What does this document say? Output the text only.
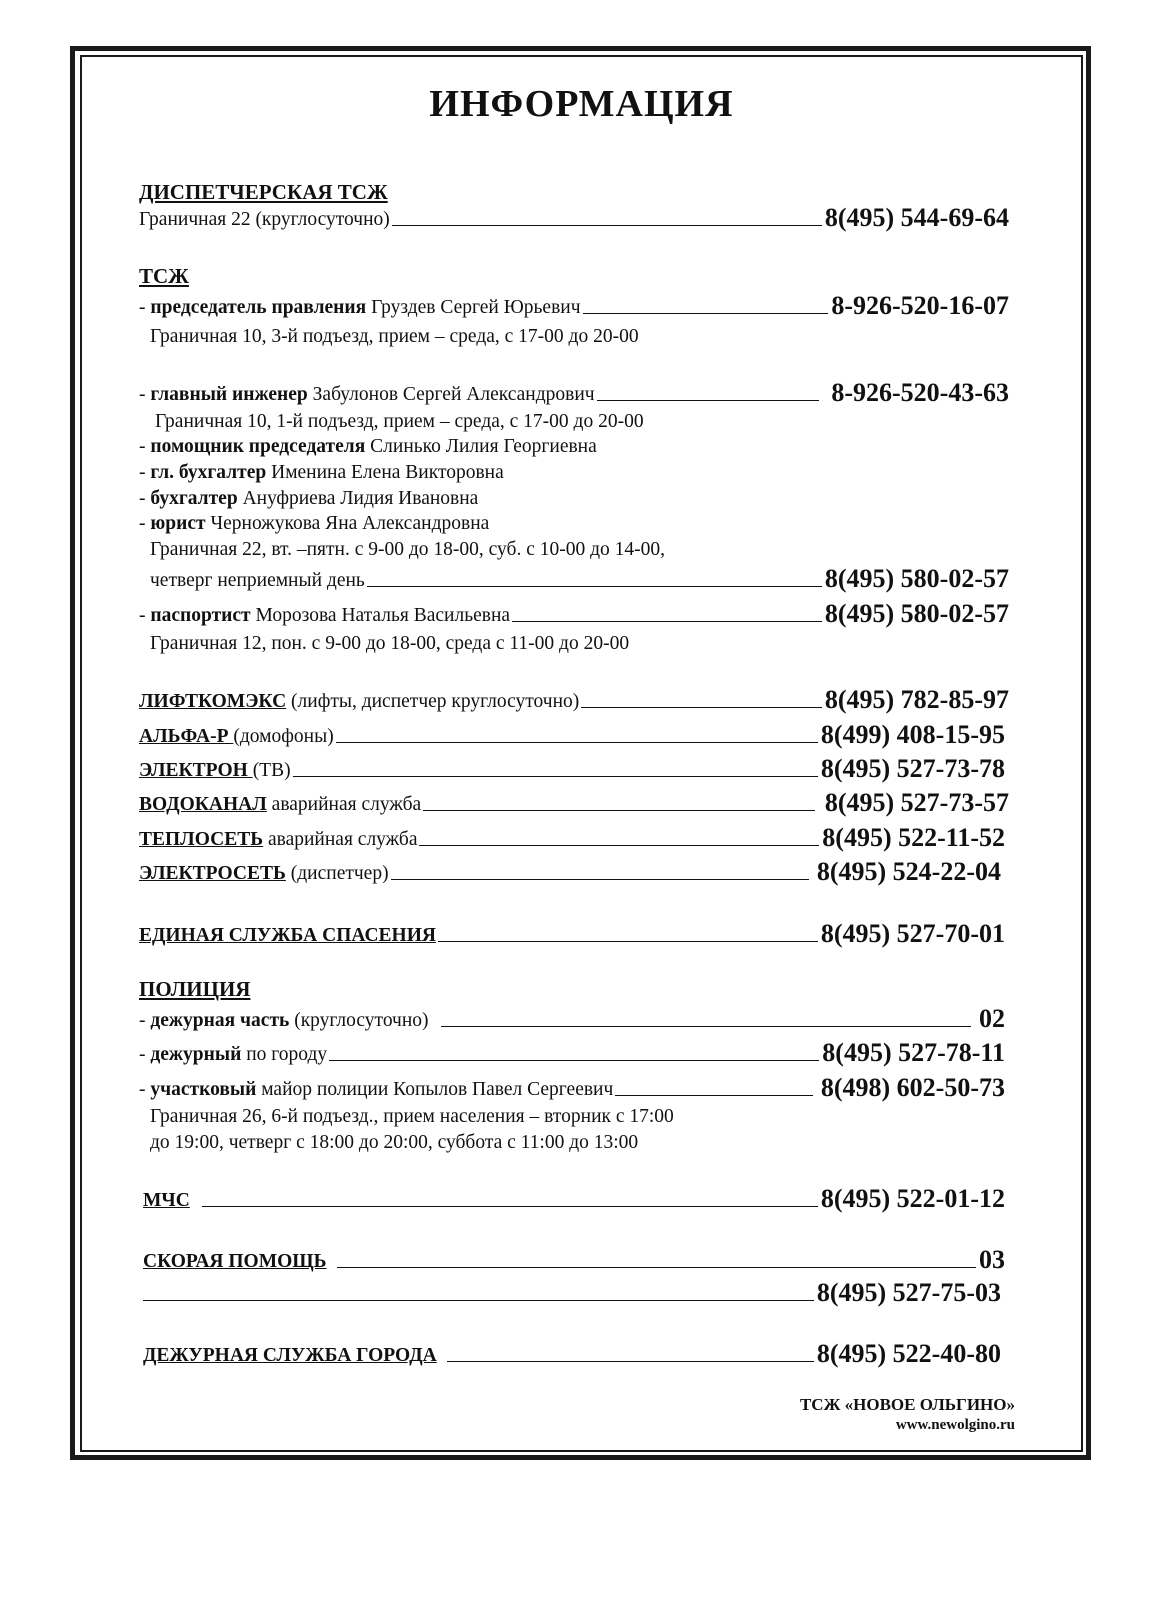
ИНФОРМАЦИЯ
ДИСПЕТЧЕРСКАЯ ТСЖ
Граничная 22 (круглосуточно)	8(495) 544-69-64
ТСЖ
- председатель правления Груздев Сергей Юрьевич	8-926-520-16-07
Граничная 10, 3-й подъезд, прием – среда, с 17-00 до 20-00
- главный инженер Забулонов Сергей Александрович	8-926-520-43-63
Граничная 10, 1-й подъезд, прием – среда, с 17-00 до 20-00
- помощник председателя Слинько Лилия Георгиевна
- гл. бухгалтер Именина Елена Викторовна
- бухгалтер Ануфриева Лидия Ивановна
- юрист Черножукова Яна Александровна
Граничная 22, вт. –пятн. с 9-00 до 18-00, суб. с 10-00 до 14-00,
четверг неприемный день	8(495) 580-02-57
- паспортист Морозова Наталья Васильевна	8(495) 580-02-57
Граничная 12, пон. с 9-00 до 18-00, среда с 11-00 до 20-00
ЛИФТКОМЭКС (лифты, диспетчер круглосуточно)	8(495) 782-85-97
АЛЬФА-Р (домофоны)	8(499) 408-15-95
ЭЛЕКТРОН (ТВ)	8(495) 527-73-78
ВОДОКАНАЛ аварийная служба	8(495) 527-73-57
ТЕПЛОСЕТЬ аварийная служба	8(495) 522-11-52
ЭЛЕКТРОСЕТЬ (диспетчер)	8(495) 524-22-04
ЕДИНАЯ СЛУЖБА СПАСЕНИЯ	8(495) 527-70-01
ПОЛИЦИЯ
- дежурная часть (круглосуточно)	02
- дежурный по городу	8(495) 527-78-11
- участковый майор полиции Копылов Павел Сергеевич	8(498) 602-50-73
Граничная 26, 6-й подъезд., прием населения – вторник с 17:00
до 19:00, четверг с 18:00 до 20:00, суббота с 11:00 до 13:00
МЧС	8(495) 522-01-12
СКОРАЯ ПОМОЩЬ	03
8(495) 527-75-03
ДЕЖУРНАЯ СЛУЖБА ГОРОДА	8(495) 522-40-80
ТСЖ «НОВОЕ ОЛЬГИНО»
www.newolgino.ru
